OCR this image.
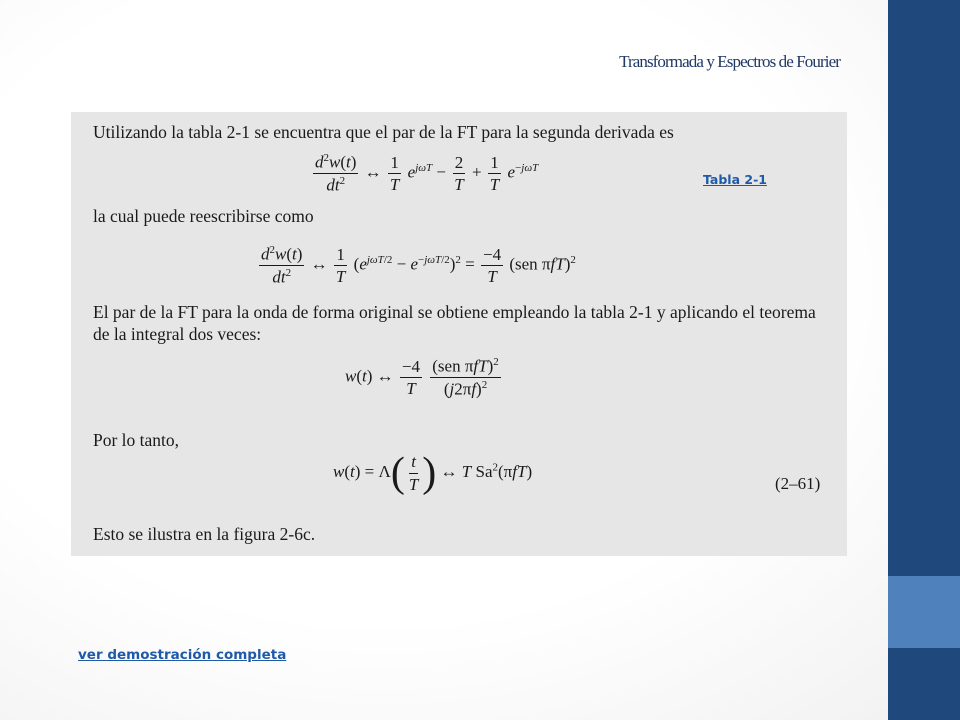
Transformada y Espectros de Fourier
Utilizando la tabla 2-1 se encuentra que el par de la FT para la segunda derivada es
$\frac{d^2w(t)}{dt^2}$ ↔ $\frac{1}{T} e^{j\omega T} - \frac{2}{T} + \frac{1}{T} e^{-j\omega T}$
la cual puede reescribirse como
$\frac{d^2w(t)}{dt^2}$ ↔ $\frac{1}{T} (e^{j\omega T/2} - e^{-j\omega T/2})^2 = \frac{-4}{T} (sen$ πfT)$^2$
El par de la FT para la onda de forma original se obtiene empleando la tabla 2-1 y aplicando el teorema
de la integral dos veces:
w(t) ↔ $\frac{-4}{T}$
$\frac{(sen \pi fT)^2}{(j2\pi f)^2}$
Por lo tanto,
$w(t) = \Lambda( \frac{t}{T}$ ) ↔ T Sa$^2$(πfT)
(2–61)
Esto se ilustra en la figura 2-6c.
Tabla 2-1
ver demostración completa
